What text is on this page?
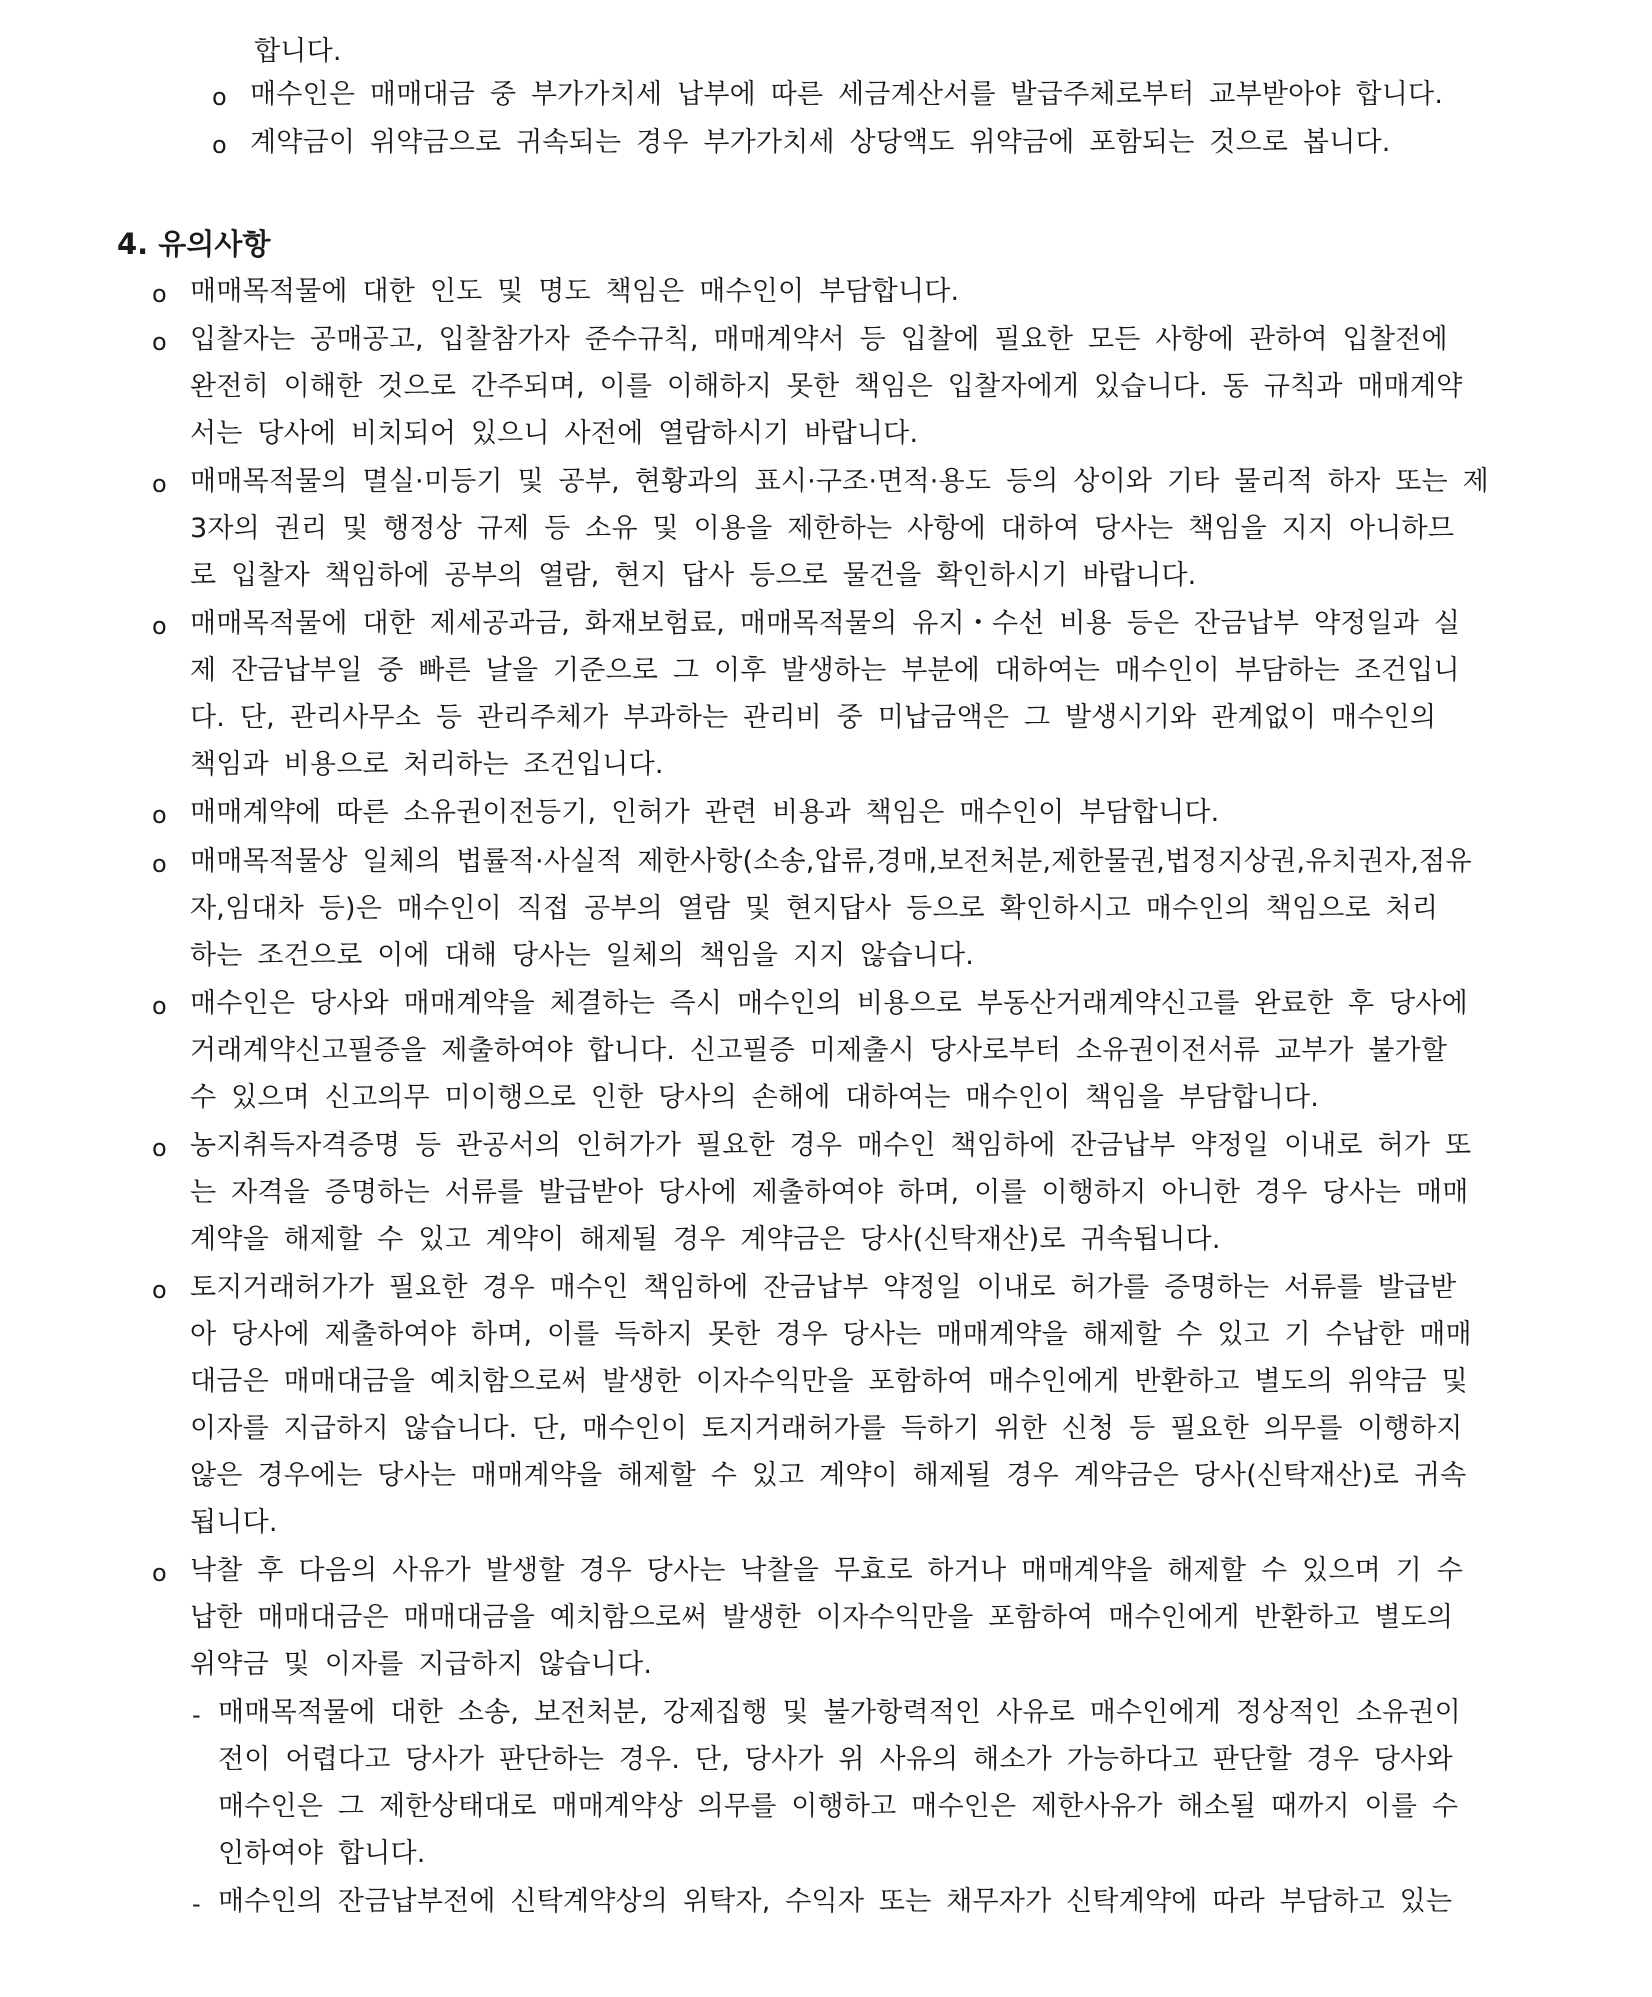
합니다.
o 매수인은 매매대금 중 부가가치세 납부에 따른 세금계산서를 발급주체로부터 교부받아야 합니다.
o 계약금이 위약금으로 귀속되는 경우 부가가치세 상당액도 위약금에 포함되는 것으로 봅니다.
4. 유의사항
o 매매목적물에 대한 인도 및 명도 책임은 매수인이 부담합니다.
o 입찰자는 공매공고, 입찰참가자 준수규칙, 매매계약서 등 입찰에 필요한 모든 사항에 관하여 입찰전에
완전히 이해한 것으로 간주되며, 이를 이해하지 못한 책임은 입찰자에게 있습니다. 동 규칙과 매매계약
서는 당사에 비치되어 있으니 사전에 열람하시기 바랍니다.
o 매매목적물의 멸실·미등기 및 공부, 현황과의 표시·구조·면적·용도 등의 상이와 기타 물리적 하자 또는 제
3자의 권리 및 행정상 규제 등 소유 및 이용을 제한하는 사항에 대하여 당사는 책임을 지지 아니하므
로 입찰자 책임하에 공부의 열람, 현지 답사 등으로 물건을 확인하시기 바랍니다.
o 매매목적물에 대한 제세공과금, 화재보험료, 매매목적물의 유지・수선 비용 등은 잔금납부 약정일과 실
제 잔금납부일 중 빠른 날을 기준으로 그 이후 발생하는 부분에 대하여는 매수인이 부담하는 조건입니
다. 단, 관리사무소 등 관리주체가 부과하는 관리비 중 미납금액은 그 발생시기와 관계없이 매수인의
책임과 비용으로 처리하는 조건입니다.
o 매매계약에 따른 소유권이전등기, 인허가 관련 비용과 책임은 매수인이 부담합니다.
o 매매목적물상 일체의 법률적·사실적 제한사항(소송,압류,경매,보전처분,제한물권,법정지상권,유치권자,점유
자,임대차 등)은 매수인이 직접 공부의 열람 및 현지답사 등으로 확인하시고 매수인의 책임으로 처리
하는 조건으로 이에 대해 당사는 일체의 책임을 지지 않습니다.
o 매수인은 당사와 매매계약을 체결하는 즉시 매수인의 비용으로 부동산거래계약신고를 완료한 후 당사에
거래계약신고필증을 제출하여야 합니다. 신고필증 미제출시 당사로부터 소유권이전서류 교부가 불가할
수 있으며 신고의무 미이행으로 인한 당사의 손해에 대하여는 매수인이 책임을 부담합니다.
o 농지취득자격증명 등 관공서의 인허가가 필요한 경우 매수인 책임하에 잔금납부 약정일 이내로 허가 또
는 자격을 증명하는 서류를 발급받아 당사에 제출하여야 하며, 이를 이행하지 아니한 경우 당사는 매매
계약을 해제할 수 있고 계약이 해제될 경우 계약금은 당사(신탁재산)로 귀속됩니다.
o 토지거래허가가 필요한 경우 매수인 책임하에 잔금납부 약정일 이내로 허가를 증명하는 서류를 발급받
아 당사에 제출하여야 하며, 이를 득하지 못한 경우 당사는 매매계약을 해제할 수 있고 기 수납한 매매
대금은 매매대금을 예치함으로써 발생한 이자수익만을 포함하여 매수인에게 반환하고 별도의 위약금 및
이자를 지급하지 않습니다. 단, 매수인이 토지거래허가를 득하기 위한 신청 등 필요한 의무를 이행하지
않은 경우에는 당사는 매매계약을 해제할 수 있고 계약이 해제될 경우 계약금은 당사(신탁재산)로 귀속
됩니다.
o 낙찰 후 다음의 사유가 발생할 경우 당사는 낙찰을 무효로 하거나 매매계약을 해제할 수 있으며 기 수
납한 매매대금은 매매대금을 예치함으로써 발생한 이자수익만을 포함하여 매수인에게 반환하고 별도의
위약금 및 이자를 지급하지 않습니다.
- 매매목적물에 대한 소송, 보전처분, 강제집행 및 불가항력적인 사유로 매수인에게 정상적인 소유권이
전이 어렵다고 당사가 판단하는 경우. 단, 당사가 위 사유의 해소가 가능하다고 판단할 경우 당사와
매수인은 그 제한상태대로 매매계약상 의무를 이행하고 매수인은 제한사유가 해소될 때까지 이를 수
인하여야 합니다.
- 매수인의 잔금납부전에 신탁계약상의 위탁자, 수익자 또는 채무자가 신탁계약에 따라 부담하고 있는
